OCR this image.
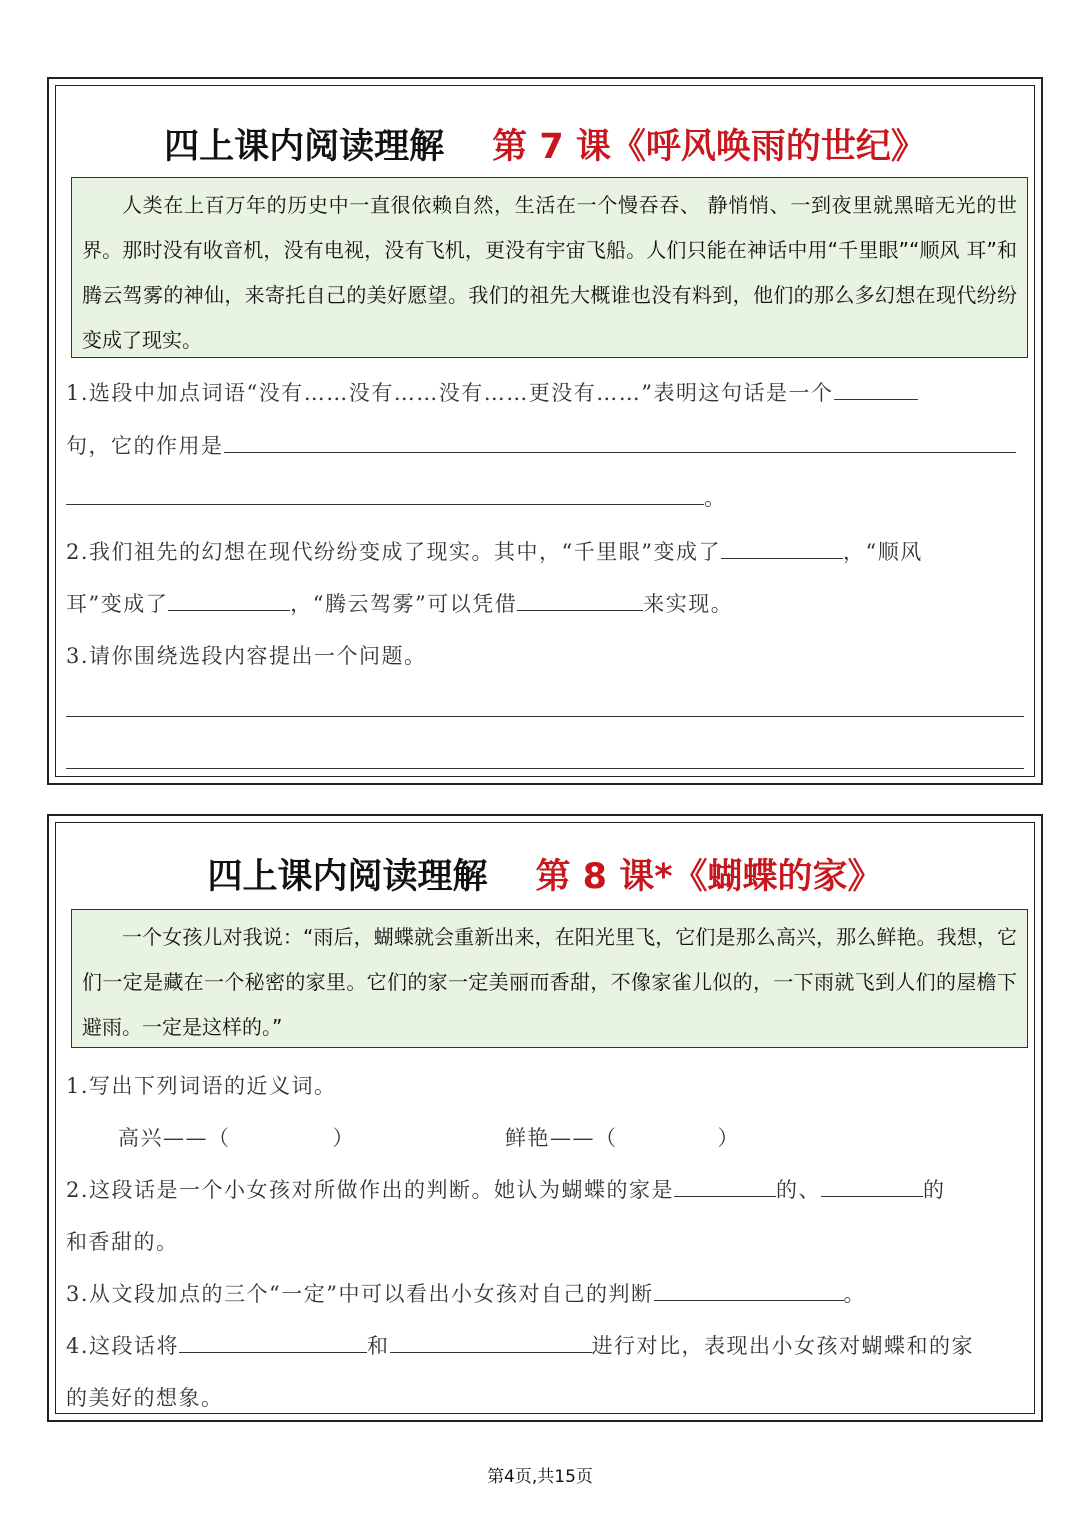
四上课内阅读理解 第 7 课《呼风唤雨的世纪》
人类在上百万年的历史中一直很依赖自然，生活在一个慢吞吞、 静悄悄、一到夜里就黑暗无光的世界。那时没有收音机，没有电视，没有飞机，更没有宇宙飞船。人们只能在神话中用“千里眼”“顺风 耳”和腾云驾雾的神仙，来寄托自己的美好愿望。我们的祖先大概谁也没有料到，他们的那么多幻想在现代纷纷变成了现实。
1.选段中加点词语“没有……没有……没有……更没有……”表明这句话是一个
句，它的作用是
。
2.我们祖先的幻想在现代纷纷变成了现实。其中，“千里眼”变成了	，“顺风
耳”变成了	，“腾云驾雾”可以凭借	来实现。
3.请你围绕选段内容提出一个问题。
四上课内阅读理解 第 8 课*《蝴蝶的家》
一个女孩儿对我说：“雨后，蝴蝶就会重新出来，在阳光里飞，它们是那么高兴，那么鲜艳。我想，它们一定是藏在一个秘密的家里。它们的家一定美丽而香甜，不像家雀儿似的，一下雨就飞到人们的屋檐下避雨。一定是这样的。”
1.写出下列词语的近义词。
高兴——（	）	鲜艳——（	）
2.这段话是一个小女孩对所做作出的判断。她认为蝴蝶的家是	的、	的
和香甜的。
3.从文段加点的三个“一定”中可以看出小女孩对自己的判断	。
4.这段话将	和	进行对比，表现出小女孩对蝴蝶和的家
的美好的想象。
第4页,共15页
